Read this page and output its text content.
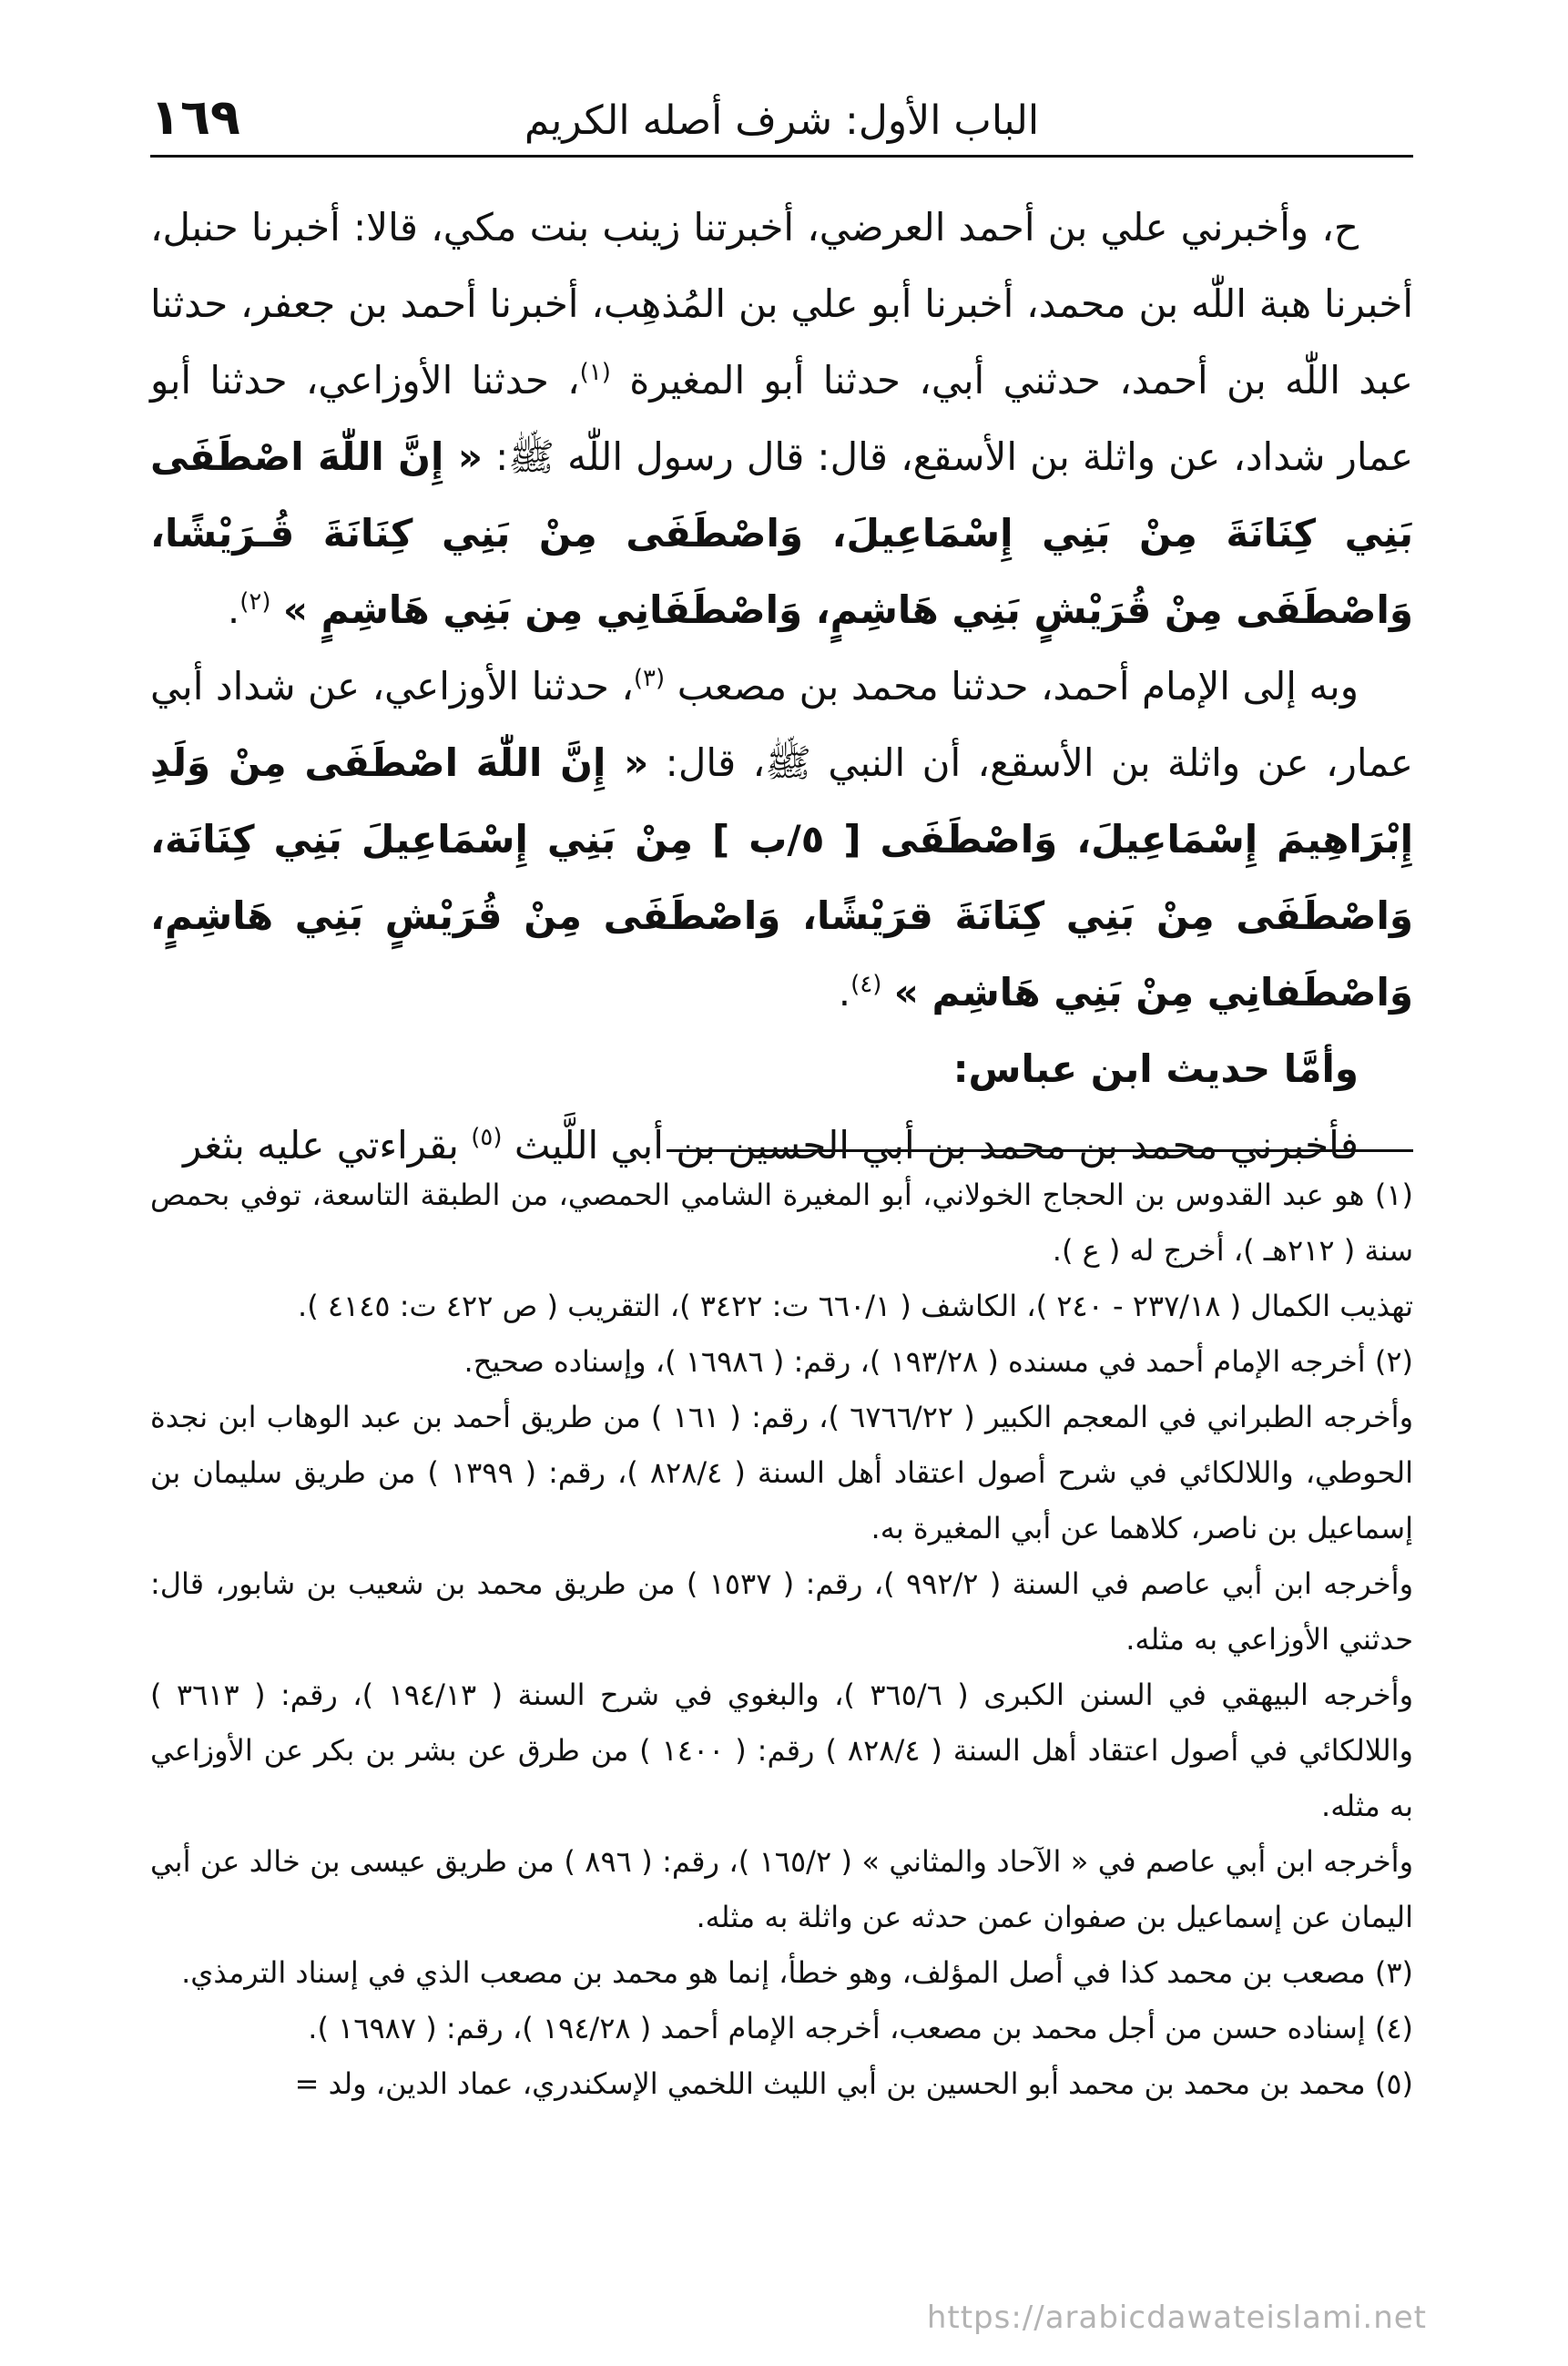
١٦٩	الباب الأول: شرف أصله الكريم

ح، وأخبرني علي بن أحمد العرضي، أخبرتنا زينب بنت مكي، قالا: أخبرنا حنبل، أخبرنا هبة اللّٰه بن محمد، أخبرنا أبو علي بن المُذهِب، أخبرنا أحمد بن جعفر، حدثنا عبد اللّٰه بن أحمد، حدثني أبي، حدثنا أبو المغيرة $^{(١)}$، حدثنا الأوزاعي، حدثنا أبو عمار شداد، عن واثلة بن الأسقع، قال: قال رسول اللّٰه ﷺ: « إِنَّ اللّٰهَ اصْطَفَى بَنِي كِنَانَةَ مِنْ بَنِي إِسْمَاعِيلَ، وَاصْطَفَى مِنْ بَنِي كِنَانَةَ قُـرَيْشًا، وَاصْطَفَى مِنْ قُرَيْشٍ بَنِي هَاشِمٍ، وَاصْطَفَانِي مِن بَنِي هَاشِمٍ » $^{(٢)}$.

وبه إلى الإمام أحمد، حدثنا محمد بن مصعب $^{(٣)}$، حدثنا الأوزاعي، عن شداد أبي عمار، عن واثلة بن الأسقع، أن النبي ﷺ، قال: « إِنَّ اللّٰهَ اصْطَفَى مِنْ وَلَدِ إِبْرَاهِيمَ إِسْمَاعِيلَ، وَاصْطَفَى [ ٥/ب ] مِنْ بَنِي إِسْمَاعِيلَ بَنِي كِنَانَة، وَاصْطَفَى مِنْ بَنِي كِنَانَةَ قرَيْشًا، وَاصْطَفَى مِنْ قُرَيْشٍ بَنِي هَاشِمٍ، وَاصْطَفانِي مِنْ بَنِي هَاشِم » $^{(٤)}$.

وأمَّا حديث ابن عباس:

فأخبرني محمد بن محمد بن أبي الحسين بن أبي اللَّيث $^{(٥)}$ بقراءتي عليه بثغر

(١) هو عبد القدوس بن الحجاج الخولاني، أبو المغيرة الشامي الحمصي، من الطبقة التاسعة، توفي بحمص سنة ( ٢١٢هـ )، أخرج له ( ع ).

تهذيب الكمال ( ٢٣٧/١٨ - ٢٤٠ )، الكاشف ( ٦٦٠/١ ت: ٣٤٢٢ )، التقريب ( ص ٤٢٢ ت: ٤١٤٥ ).

(٢) أخرجه الإمام أحمد في مسنده ( ١٩٣/٢٨ )، رقم: ( ١٦٩٨٦ )، وإسناده صحيح.

وأخرجه الطبراني في المعجم الكبير ( ٦٧٦٦/٢٢ )، رقم: ( ١٦١ ) من طريق أحمد بن عبد الوهاب ابن نجدة الحوطي، واللالكائي في شرح أصول اعتقاد أهل السنة ( ٨٢٨/٤ )، رقم: ( ١٣٩٩ ) من طريق سليمان بن إسماعيل بن ناصر، كلاهما عن أبي المغيرة به.

وأخرجه ابن أبي عاصم في السنة ( ٩٩٢/٢ )، رقم: ( ١٥٣٧ ) من طريق محمد بن شعيب بن شابور، قال: حدثني الأوزاعي به مثله.

وأخرجه البيهقي في السنن الكبرى ( ٣٦٥/٦ )، والبغوي في شرح السنة ( ١٩٤/١٣ )، رقم: ( ٣٦١٣ ) واللالكائي في أصول اعتقاد أهل السنة ( ٨٢٨/٤ ) رقم: ( ١٤٠٠ ) من طرق عن بشر بن بكر عن الأوزاعي به مثله.

وأخرجه ابن أبي عاصم في « الآحاد والمثاني » ( ١٦٥/٢ )، رقم: ( ٨٩٦ ) من طريق عيسى بن خالد عن أبي اليمان عن إسماعيل بن صفوان عمن حدثه عن واثلة به مثله.

(٣) مصعب بن محمد كذا في أصل المؤلف، وهو خطأ، إنما هو محمد بن مصعب الذي في إسناد الترمذي.

(٤) إسناده حسن من أجل محمد بن مصعب، أخرجه الإمام أحمد ( ١٩٤/٢٨ )، رقم: ( ١٦٩٨٧ ).

(٥) محمد بن محمد بن محمد أبو الحسين بن أبي الليث اللخمي الإسكندري، عماد الدين، ولد =

https://arabicdawateislami.net
